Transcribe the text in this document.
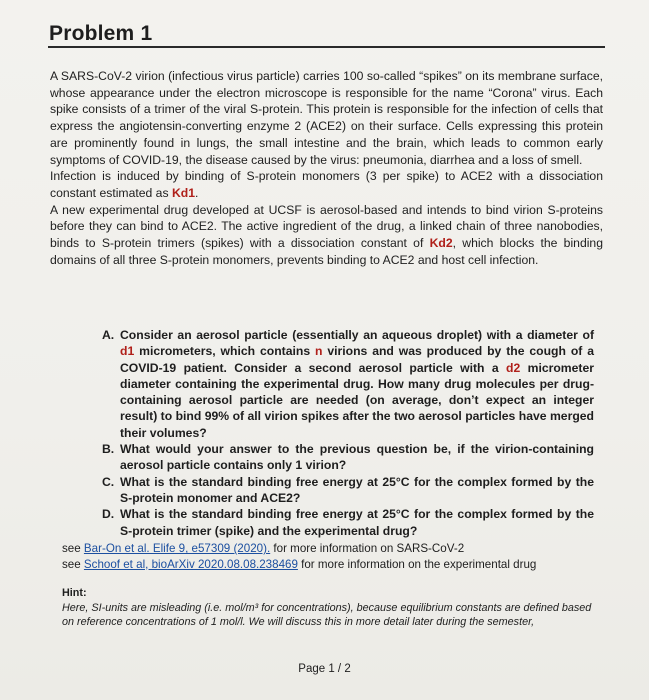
Problem 1

A SARS-CoV-2 virion (infectious virus particle) carries 100 so-called “spikes” on its membrane surface, whose appearance under the electron microscope is responsible for the name “Corona” virus. Each spike consists of a trimer of the viral S-protein. This protein is responsible for the infection of cells that express the angiotensin-converting enzyme 2 (ACE2) on their surface. Cells expressing this protein are prominently found in lungs, the small intestine and the brain, which leads to common early symptoms of COVID-19, the disease caused by the virus: pneumonia, diarrhea and a loss of smell.

Infection is induced by binding of S-protein monomers (3 per spike) to ACE2 with a dissociation constant estimated as Kd1.

A new experimental drug developed at UCSF is aerosol-based and intends to bind virion S-proteins before they can bind to ACE2. The active ingredient of the drug, a linked chain of three nanobodies, binds to S-protein trimers (spikes) with a dissociation constant of Kd2, which blocks the binding domains of all three S-protein monomers, prevents binding to ACE2 and host cell infection.

A. Consider an aerosol particle (essentially an aqueous droplet) with a diameter of d1 micrometers, which contains n virions and was produced by the cough of a COVID-19 patient. Consider a second aerosol particle with a d2 micrometer diameter containing the experimental drug. How many drug molecules per drug-containing aerosol particle are needed (on average, don’t expect an integer result) to bind 99% of all virion spikes after the two aerosol particles have merged their volumes?
B. What would your answer to the previous question be, if the virion-containing aerosol particle contains only 1 virion?
C. What is the standard binding free energy at 25°C for the complex formed by the S-protein monomer and ACE2?
D. What is the standard binding free energy at 25°C for the complex formed by the S-protein trimer (spike) and the experimental drug?
see Bar-On et al. Elife 9, e57309 (2020). for more information on SARS-CoV-2
see Schoof et al, bioArXiv 2020.08.08.238469 for more information on the experimental drug
Hint:
Here, SI-units are misleading (i.e. mol/m³ for concentrations), because equilibrium constants are defined based on reference concentrations of 1 mol/l. We will discuss this in more detail later during the semester,
Page 1 / 2
